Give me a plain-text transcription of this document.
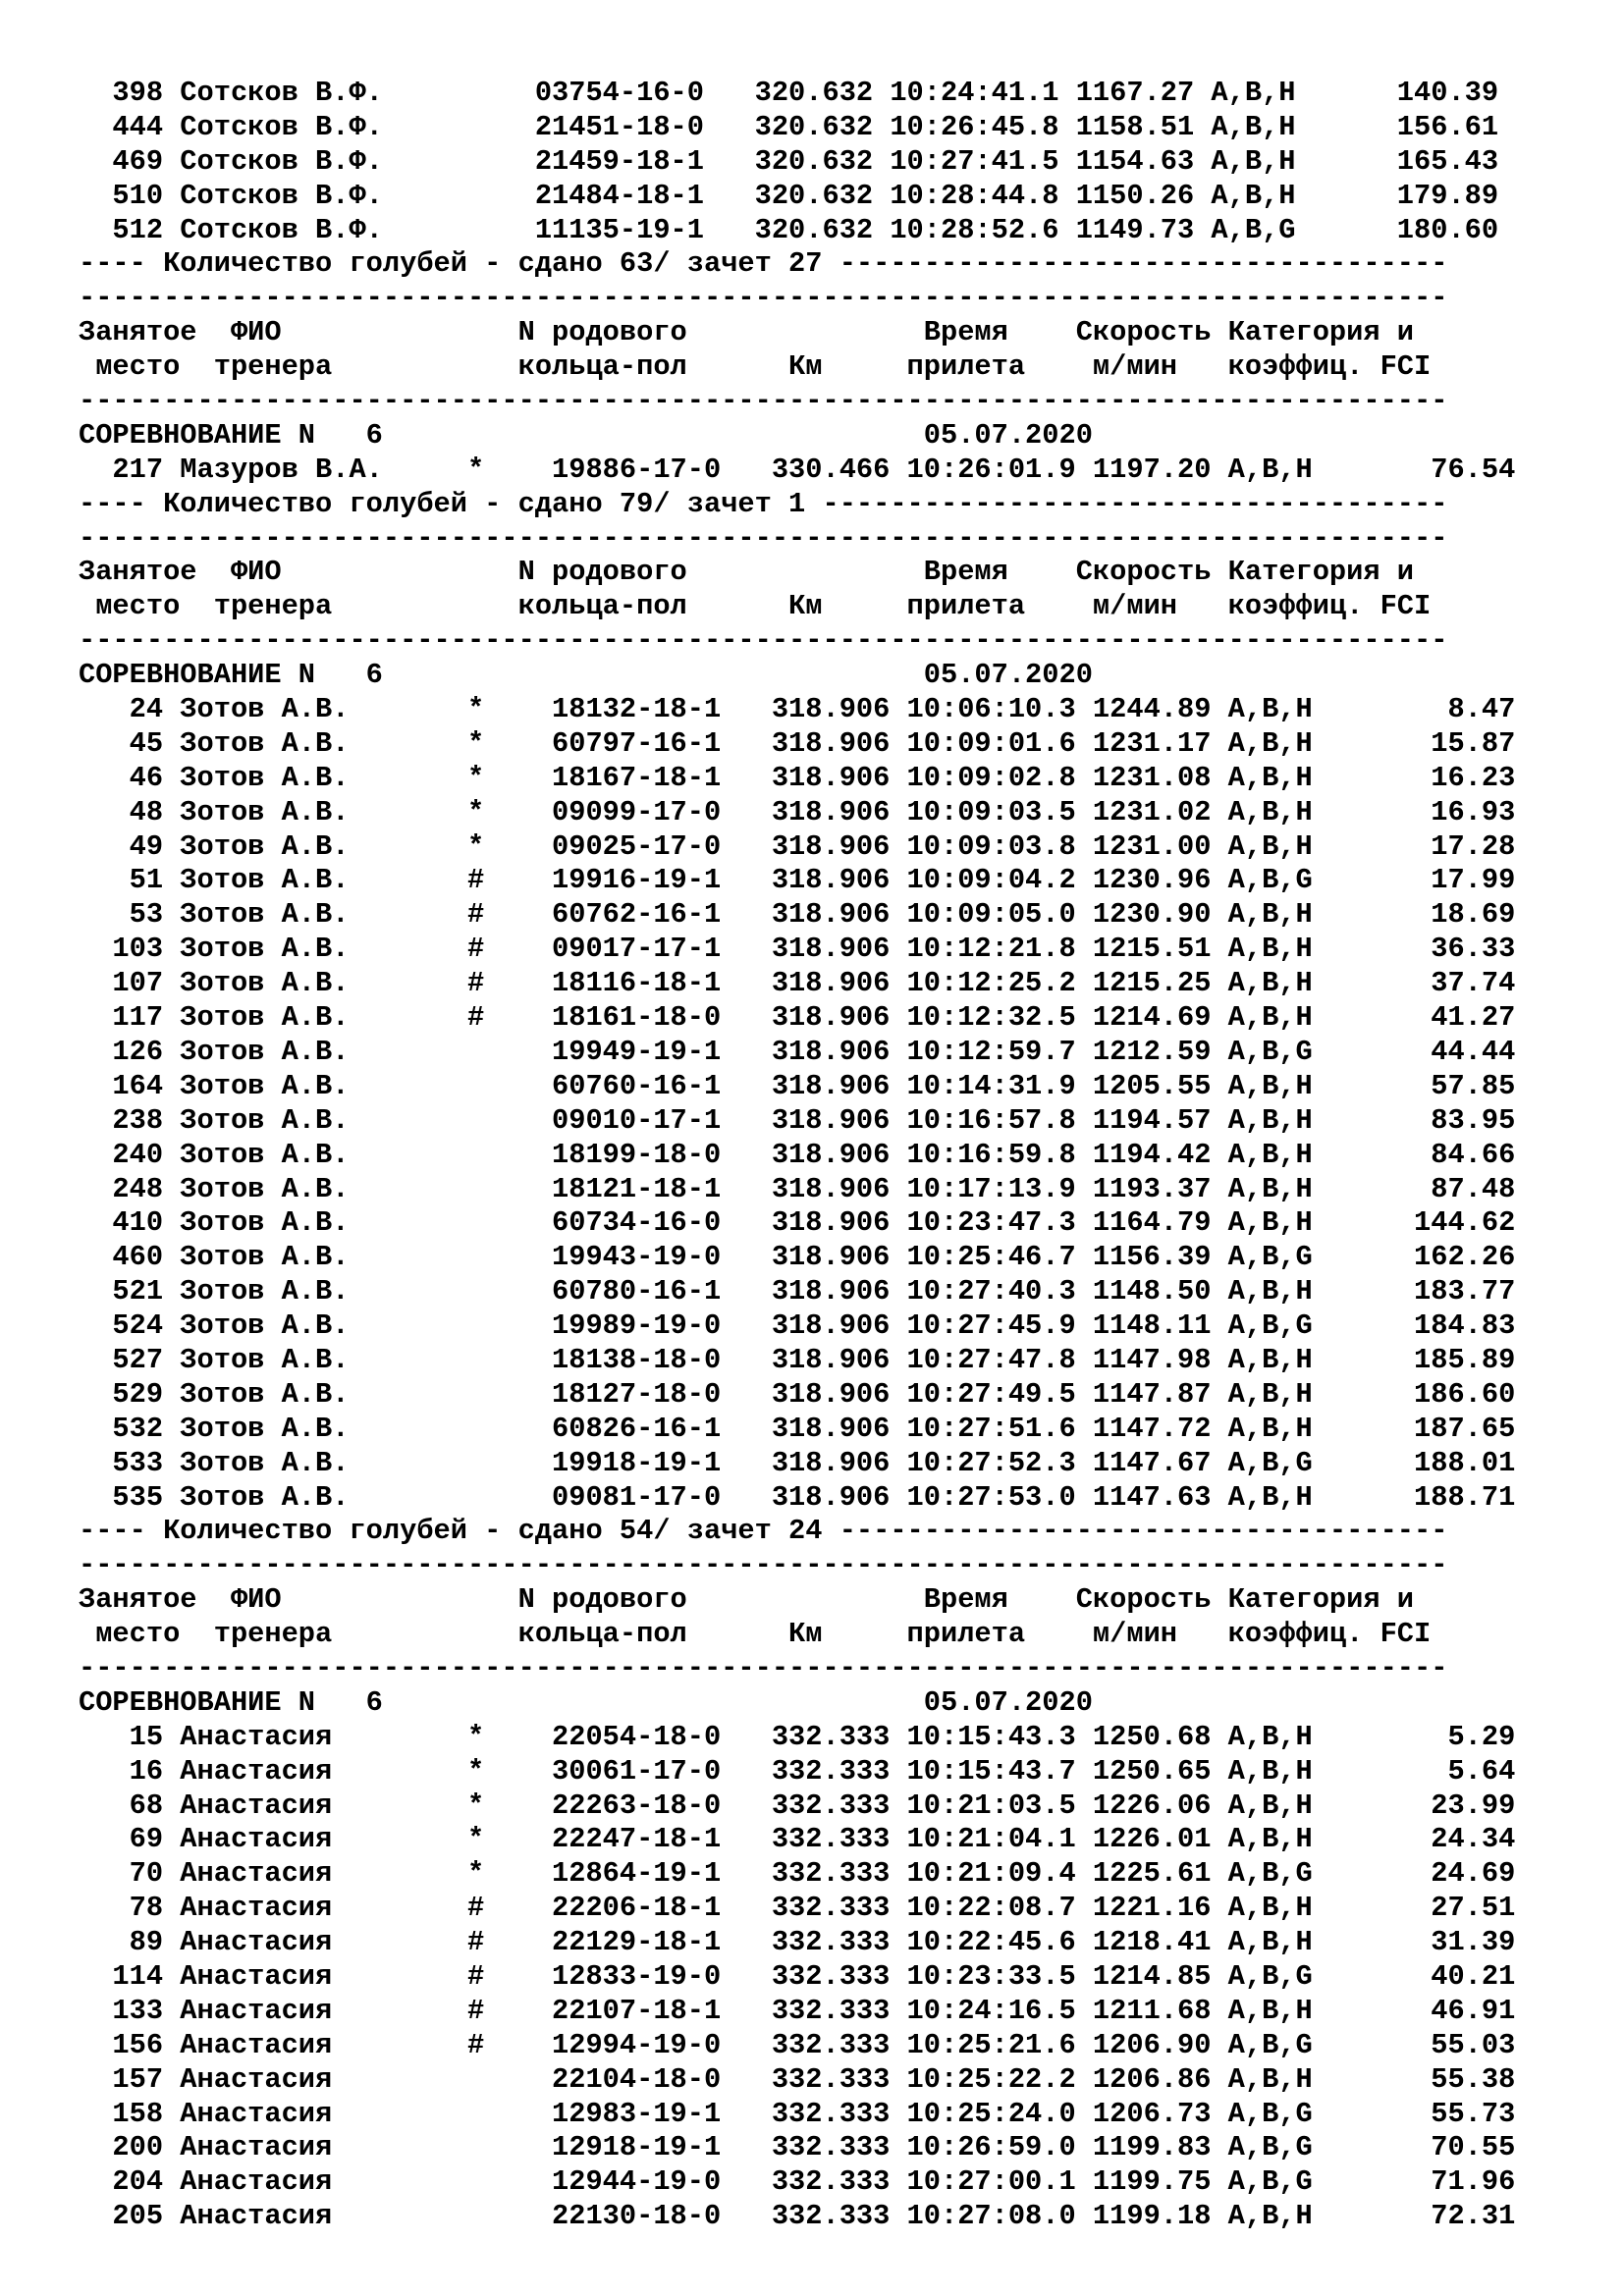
398 Сотсков В.Ф.         03754-16-0   320.632 10:24:41.1 1167.27 A,B,H      140.39
444 Сотсков В.Ф.         21451-18-0   320.632 10:26:45.8 1158.51 A,B,H      156.61
469 Сотсков В.Ф.         21459-18-1   320.632 10:27:41.5 1154.63 A,B,H      165.43
510 Сотсков В.Ф.         21484-18-1   320.632 10:28:44.8 1150.26 A,B,H      179.89
512 Сотсков В.Ф.         11135-19-1   320.632 10:28:52.6 1149.73 A,B,G      180.60
---- Количество голубей - сдано 63/ зачет 27 ------------------------------------
---------------------------------------------------------------------------------
Занятое  ФИО              N родового              Время    Скорость Категория и
место  тренера           кольца-пол      Км     прилета    м/мин   коэффиц. FCI
---------------------------------------------------------------------------------
СОРЕВНОВАНИЕ N   6                                05.07.2020
217 Мазуров В.А.     *    19886-17-0   330.466 10:26:01.9 1197.20 A,B,H       76.54
---- Количество голубей - сдано 79/ зачет 1 -------------------------------------
---------------------------------------------------------------------------------
Занятое  ФИО              N родового              Время    Скорость Категория и
место  тренера           кольца-пол      Км     прилета    м/мин   коэффиц. FCI
---------------------------------------------------------------------------------
СОРЕВНОВАНИЕ N   6                                05.07.2020
24 Зотов А.В.       *    18132-18-1   318.906 10:06:10.3 1244.89 A,B,H        8.47
45 Зотов А.В.       *    60797-16-1   318.906 10:09:01.6 1231.17 A,B,H       15.87
46 Зотов А.В.       *    18167-18-1   318.906 10:09:02.8 1231.08 A,B,H       16.23
48 Зотов А.В.       *    09099-17-0   318.906 10:09:03.5 1231.02 A,B,H       16.93
49 Зотов А.В.       *    09025-17-0   318.906 10:09:03.8 1231.00 A,B,H       17.28
51 Зотов А.В.       #    19916-19-1   318.906 10:09:04.2 1230.96 A,B,G       17.99
53 Зотов А.В.       #    60762-16-1   318.906 10:09:05.0 1230.90 A,B,H       18.69
103 Зотов А.В.       #    09017-17-1   318.906 10:12:21.8 1215.51 A,B,H       36.33
107 Зотов А.В.       #    18116-18-1   318.906 10:12:25.2 1215.25 A,B,H       37.74
117 Зотов А.В.       #    18161-18-0   318.906 10:12:32.5 1214.69 A,B,H       41.27
126 Зотов А.В.            19949-19-1   318.906 10:12:59.7 1212.59 A,B,G       44.44
164 Зотов А.В.            60760-16-1   318.906 10:14:31.9 1205.55 A,B,H       57.85
238 Зотов А.В.            09010-17-1   318.906 10:16:57.8 1194.57 A,B,H       83.95
240 Зотов А.В.            18199-18-0   318.906 10:16:59.8 1194.42 A,B,H       84.66
248 Зотов А.В.            18121-18-1   318.906 10:17:13.9 1193.37 A,B,H       87.48
410 Зотов А.В.            60734-16-0   318.906 10:23:47.3 1164.79 A,B,H      144.62
460 Зотов А.В.            19943-19-0   318.906 10:25:46.7 1156.39 A,B,G      162.26
521 Зотов А.В.            60780-16-1   318.906 10:27:40.3 1148.50 A,B,H      183.77
524 Зотов А.В.            19989-19-0   318.906 10:27:45.9 1148.11 A,B,G      184.83
527 Зотов А.В.            18138-18-0   318.906 10:27:47.8 1147.98 A,B,H      185.89
529 Зотов А.В.            18127-18-0   318.906 10:27:49.5 1147.87 A,B,H      186.60
532 Зотов А.В.            60826-16-1   318.906 10:27:51.6 1147.72 A,B,H      187.65
533 Зотов А.В.            19918-19-1   318.906 10:27:52.3 1147.67 A,B,G      188.01
535 Зотов А.В.            09081-17-0   318.906 10:27:53.0 1147.63 A,B,H      188.71
---- Количество голубей - сдано 54/ зачет 24 ------------------------------------
---------------------------------------------------------------------------------
Занятое  ФИО              N родового              Время    Скорость Категория и
место  тренера           кольца-пол      Км     прилета    м/мин   коэффиц. FCI
---------------------------------------------------------------------------------
СОРЕВНОВАНИЕ N   6                                05.07.2020
15 Анастасия        *    22054-18-0   332.333 10:15:43.3 1250.68 A,B,H        5.29
16 Анастасия        *    30061-17-0   332.333 10:15:43.7 1250.65 A,B,H        5.64
68 Анастасия        *    22263-18-0   332.333 10:21:03.5 1226.06 A,B,H       23.99
69 Анастасия        *    22247-18-1   332.333 10:21:04.1 1226.01 A,B,H       24.34
70 Анастасия        *    12864-19-1   332.333 10:21:09.4 1225.61 A,B,G       24.69
78 Анастасия        #    22206-18-1   332.333 10:22:08.7 1221.16 A,B,H       27.51
89 Анастасия        #    22129-18-1   332.333 10:22:45.6 1218.41 A,B,H       31.39
114 Анастасия        #    12833-19-0   332.333 10:23:33.5 1214.85 A,B,G       40.21
133 Анастасия        #    22107-18-1   332.333 10:24:16.5 1211.68 A,B,H       46.91
156 Анастасия        #    12994-19-0   332.333 10:25:21.6 1206.90 A,B,G       55.03
157 Анастасия             22104-18-0   332.333 10:25:22.2 1206.86 A,B,H       55.38
158 Анастасия             12983-19-1   332.333 10:25:24.0 1206.73 A,B,G       55.73
200 Анастасия             12918-19-1   332.333 10:26:59.0 1199.83 A,B,G       70.55
204 Анастасия             12944-19-0   332.333 10:27:00.1 1199.75 A,B,G       71.96
205 Анастасия             22130-18-0   332.333 10:27:08.0 1199.18 A,B,H       72.31
